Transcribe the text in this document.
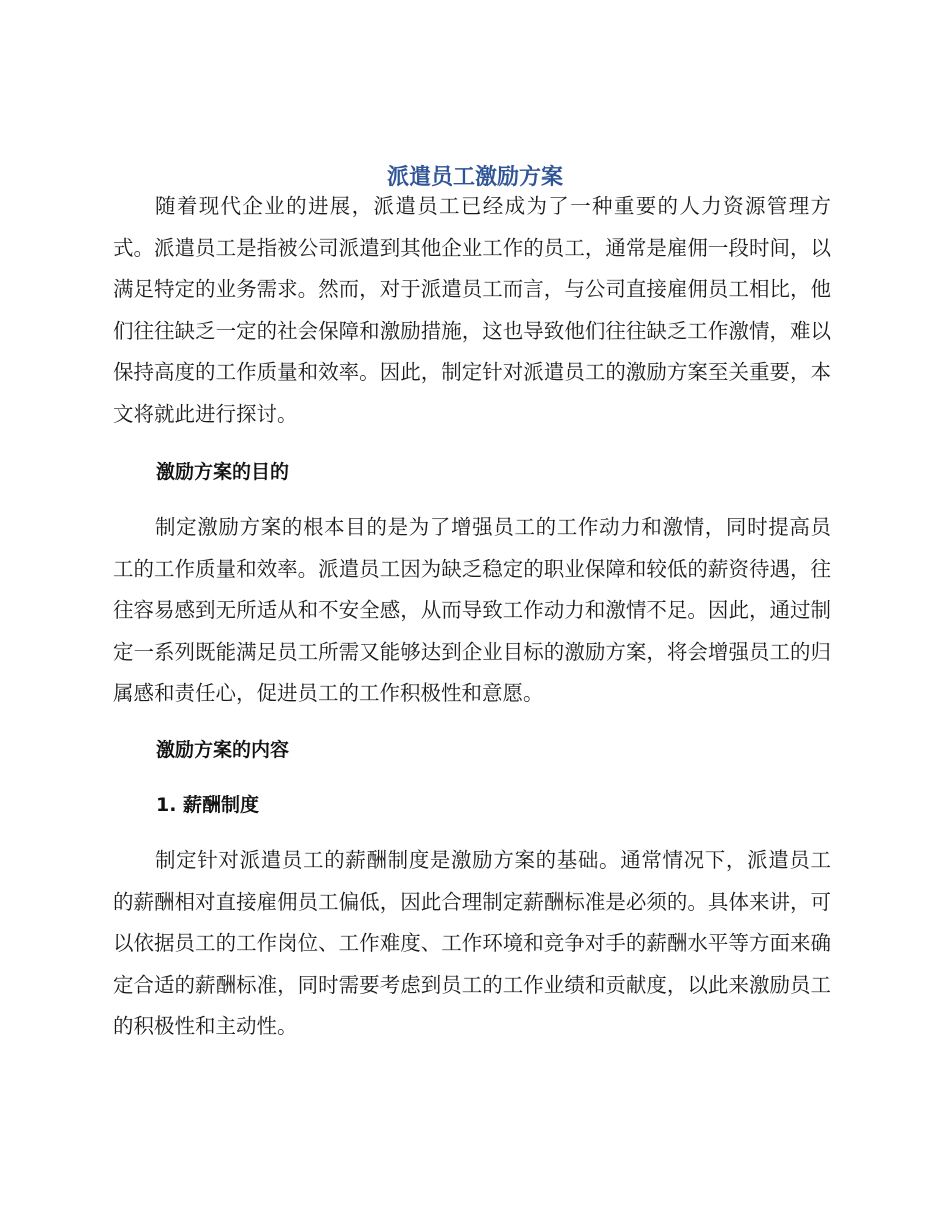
派遣员工激励方案

随着现代企业的进展，派遣员工已经成为了一种重要的人力资源管理方式。派遣员工是指被公司派遣到其他企业工作的员工，通常是雇佣一段时间，以满足特定的业务需求。然而，对于派遣员工而言，与公司直接雇佣员工相比，他们往往缺乏一定的社会保障和激励措施，这也导致他们往往缺乏工作激情，难以保持高度的工作质量和效率。因此，制定针对派遣员工的激励方案至关重要，本文将就此进行探讨。

激励方案的目的

制定激励方案的根本目的是为了增强员工的工作动力和激情，同时提高员工的工作质量和效率。派遣员工因为缺乏稳定的职业保障和较低的薪资待遇，往往容易感到无所适从和不安全感，从而导致工作动力和激情不足。因此，通过制定一系列既能满足员工所需又能够达到企业目标的激励方案，将会增强员工的归属感和责任心，促进员工的工作积极性和意愿。

激励方案的内容
1. 薪酬制度

制定针对派遣员工的薪酬制度是激励方案的基础。通常情况下，派遣员工的薪酬相对直接雇佣员工偏低，因此合理制定薪酬标准是必须的。具体来讲，可以依据员工的工作岗位、工作难度、工作环境和竞争对手的薪酬水平等方面来确定合适的薪酬标准，同时需要考虑到员工的工作业绩和贡献度，以此来激励员工的积极性和主动性。
